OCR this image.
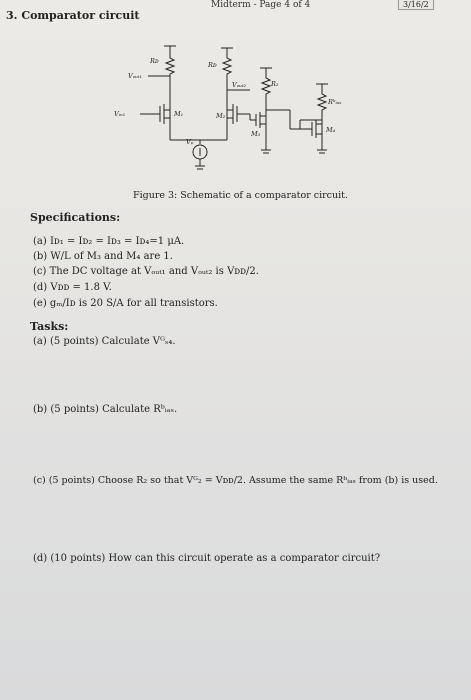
Midterm - Page 4 of 4	3/16/2
3. Comparator circuit
Rᴅ	Rᴅ
R₂
Rᵇᵢₐₛ
Vₒᵤₜ₁
Vₒᵤₜ₂
Vᵢₙ₁
Vₚ
M₁	M₂
M₃	M₄
Figure 3: Schematic of a comparator circuit.
Specifications:
(a) Iᴅ₁ = Iᴅ₂ = Iᴅ₃ = Iᴅ₄=1 μA.
(b) W/L of M₃ and M₄ are 1.
(c) The DC voltage at Vₒᵤₜ₁ and Vₒᵤₜ₂ is Vᴅᴅ/2.
(d) Vᴅᴅ = 1.8 V.
(e) gₘ/Iᴅ is 20 S/A for all transistors.
Tasks:
(a) (5 points) Calculate Vᴳₛ₄.
(b) (5 points) Calculate Rᵇᵢₐₛ.
(c) (5 points) Choose R₂ so that Vᴳ₂ = Vᴅᴅ/2. Assume the same Rᵇᵢₐₛ from (b) is used.
(d) (10 points) How can this circuit operate as a comparator circuit?
